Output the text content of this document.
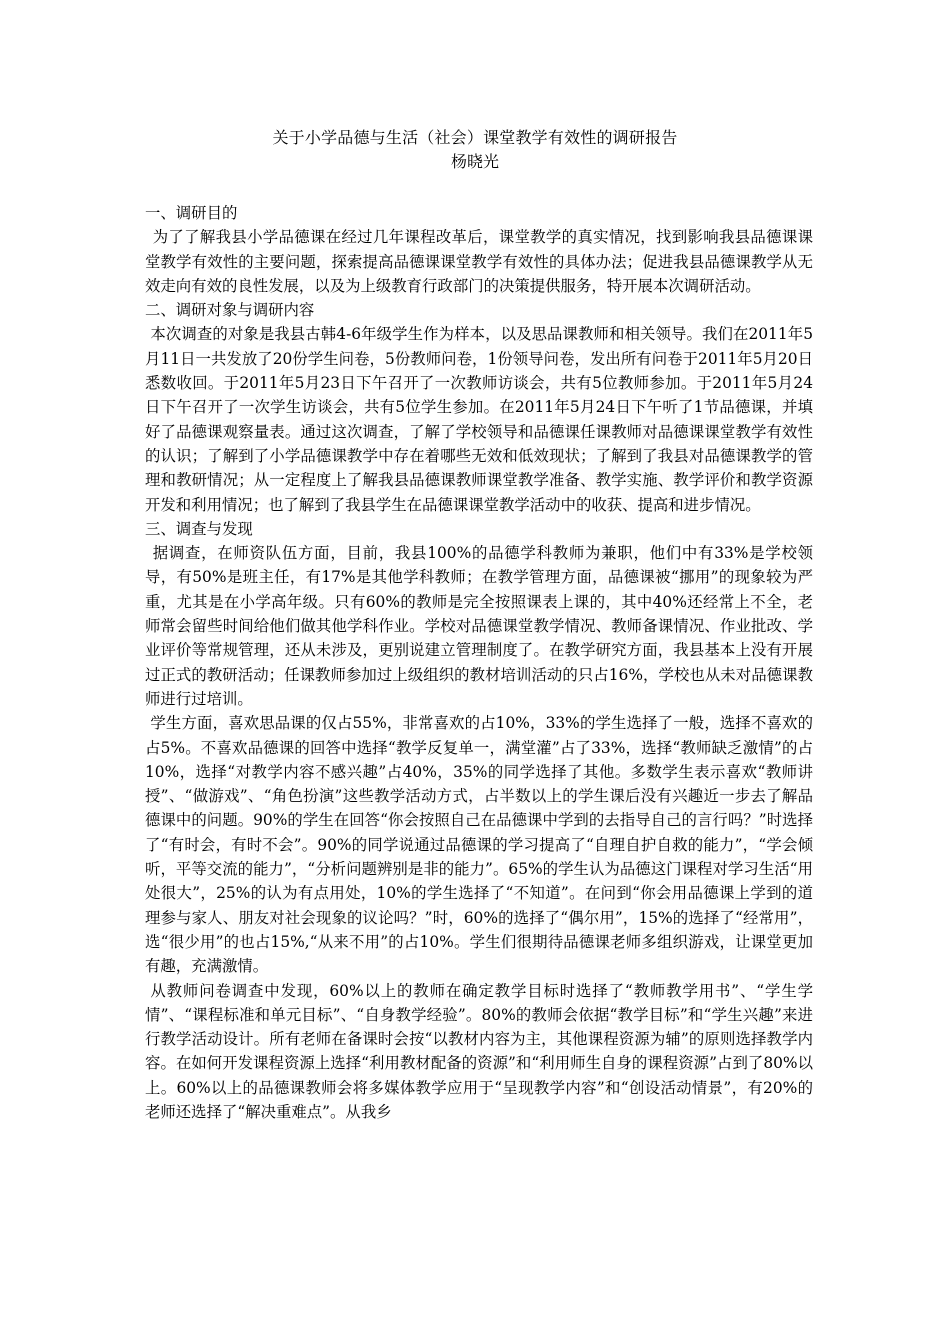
关于小学品德与生活（社会）课堂教学有效性的调研报告
杨晓光
一、调研目的
为了了解我县小学品德课在经过几年课程改革后，课堂教学的真实情况，找到影响我县品德课课堂教学有效性的主要问题，探索提高品德课课堂教学有效性的具体办法；促进我县品德课教学从无效走向有效的良性发展，以及为上级教育行政部门的决策提供服务，特开展本次调研活动。
二、调研对象与调研内容
本次调查的对象是我县古韩4-6年级学生作为样本，以及思品课教师和相关领导。我们在2011年5月11日一共发放了20份学生问卷，5份教师问卷，1份领导问卷，发出所有问卷于2011年5月20日悉数收回。于2011年5月23日下午召开了一次教师访谈会，共有5位教师参加。于2011年5月24日下午召开了一次学生访谈会，共有5位学生参加。在2011年5月24日下午听了1节品德课，并填好了品德课观察量表。通过这次调查，了解了学校领导和品德课任课教师对品德课课堂教学有效性的认识；了解到了小学品德课教学中存在着哪些无效和低效现状；了解到了我县对品德课教学的管理和教研情况；从一定程度上了解我县品德课教师课堂教学准备、教学实施、教学评价和教学资源开发和利用情况；也了解到了我县学生在品德课课堂教学活动中的收获、提高和进步情况。
三、调查与发现
据调查，在师资队伍方面，目前，我县100%的品德学科教师为兼职，他们中有33%是学校领导，有50%是班主任，有17%是其他学科教师；在教学管理方面，品德课被“挪用”的现象较为严重，尤其是在小学高年级。只有60%的教师是完全按照课表上课的，其中40%还经常上不全，老师常会留些时间给他们做其他学科作业。学校对品德课堂教学情况、教师备课情况、作业批改、学业评价等常规管理，还从未涉及，更别说建立管理制度了。在教学研究方面，我县基本上没有开展过正式的教研活动；任课教师参加过上级组织的教材培训活动的只占16%，学校也从未对品德课教师进行过培训。
学生方面，喜欢思品课的仅占55%，非常喜欢的占10%，33%的学生选择了一般，选择不喜欢的占5%。不喜欢品德课的回答中选择“教学反复单一，满堂灌”占了33%，选择“教师缺乏激情”的占10%，选择“对教学内容不感兴趣”占40%，35%的同学选择了其他。多数学生表示喜欢“教师讲授”、“做游戏”、“角色扮演”这些教学活动方式，占半数以上的学生课后没有兴趣近一步去了解品德课中的问题。90%的学生在回答“你会按照自己在品德课中学到的去指导自己的言行吗？”时选择了“有时会，有时不会”。90%的同学说通过品德课的学习提高了“自理自护自救的能力”，“学会倾听，平等交流的能力”，“分析问题辨别是非的能力”。65%的学生认为品德这门课程对学习生活“用处很大”，25%的认为有点用处，10%的学生选择了“不知道”。在问到“你会用品德课上学到的道理参与家人、朋友对社会现象的议论吗？”时，60%的选择了“偶尔用”，15%的选择了“经常用”，选“很少用”的也占15%,“从来不用”的占10%。学生们很期待品德课老师多组织游戏，让课堂更加有趣，充满激情。
从教师问卷调查中发现，60%以上的教师在确定教学目标时选择了“教师教学用书”、“学生学情”、“课程标准和单元目标”、“自身教学经验”。80%的教师会依据“教学目标”和“学生兴趣”来进行教学活动设计。所有老师在备课时会按“以教材内容为主，其他课程资源为辅”的原则选择教学内容。在如何开发课程资源上选择“利用教材配备的资源”和“利用师生自身的课程资源”占到了80%以上。60%以上的品德课教师会将多媒体教学应用于“呈现教学内容”和“创设活动情景”，有20%的老师还选择了“解决重难点”。从我乡
